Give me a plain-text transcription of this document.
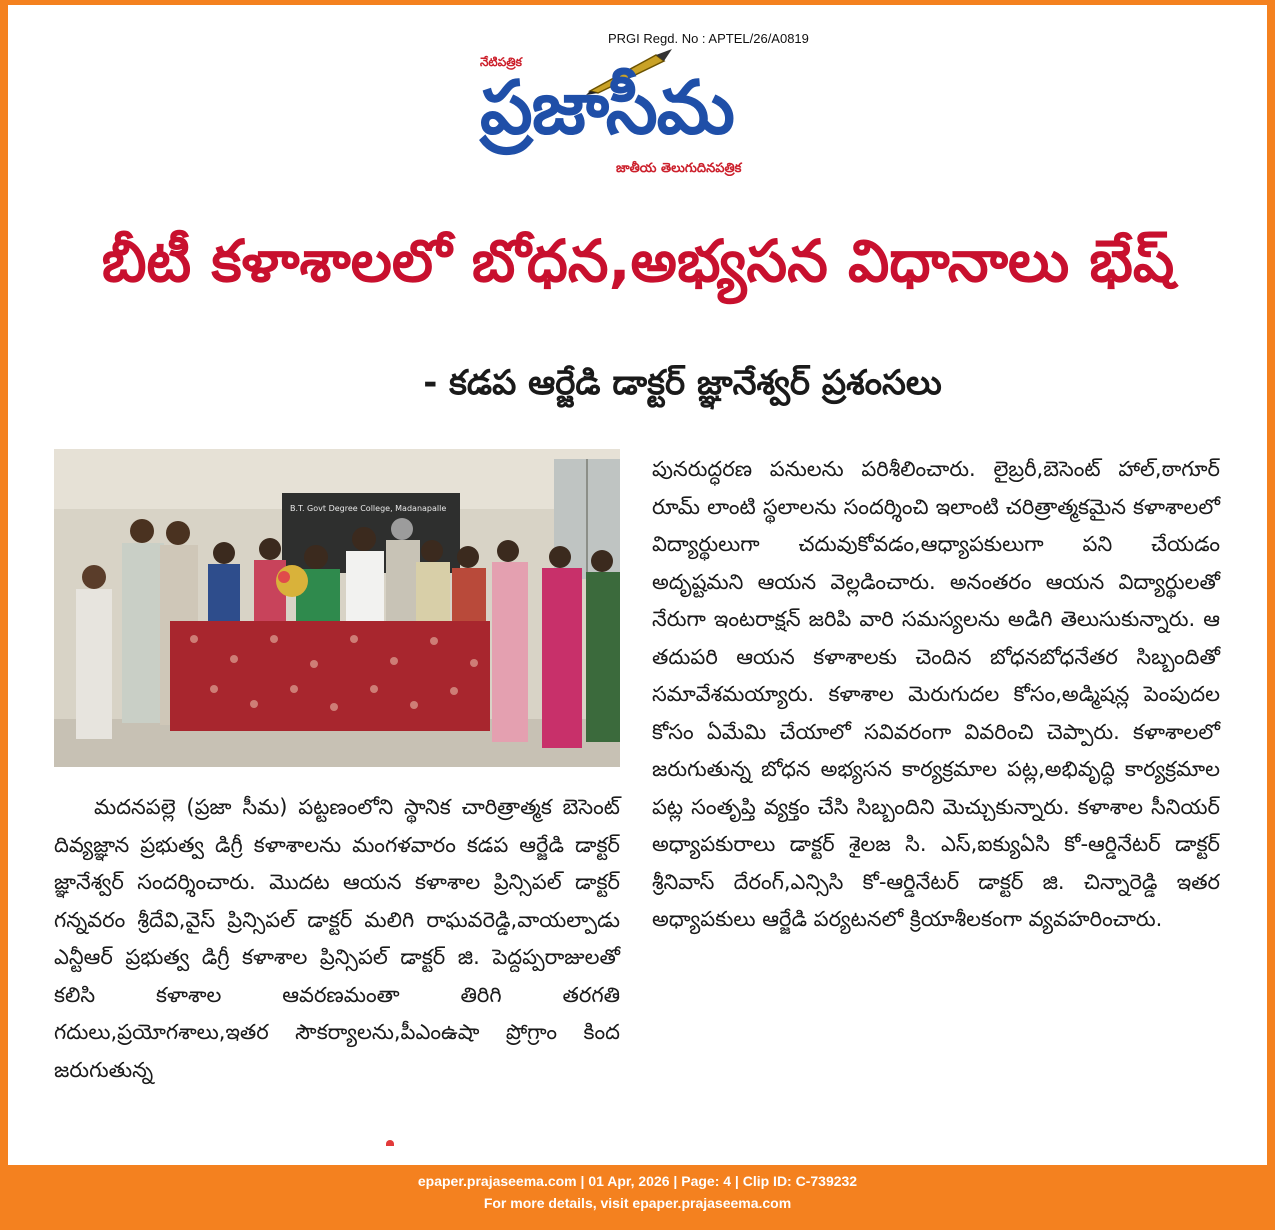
PRGI Regd. No : APTEL/26/A0819
నేటిపత్రిక
ప్రజాసీమ
జాతీయ తెలుగుదినపత్రిక
బీటీ కళాశాలలో బోధన,అభ్యసన విధానాలు భేష్
- కడప ఆర్జేడి డాక్టర్ జ్ఞానేశ్వర్ ప్రశంసలు
B.T. Govt Degree College, Madanapalle
మదనపల్లె (ప్రజా సీమ) పట్టణంలోని స్థానిక చారిత్రాత్మక బెసెంట్ దివ్యజ్ఞాన ప్రభుత్వ డిగ్రీ కళాశాలను మంగళవారం కడప ఆర్జేడి డాక్టర్ జ్ఞానేశ్వర్ సందర్శించారు. మొదట ఆయన కళాశాల ప్రిన్సిపల్ డాక్టర్ గన్నవరం శ్రీదేవి,వైస్ ప్రిన్సిపల్ డాక్టర్ మలిగి రాఘవరెడ్డి,వాయల్పాడు ఎన్టీఆర్ ప్రభుత్వ డిగ్రీ కళాశాల ప్రిన్సిపల్ డాక్టర్ జి. పెద్దప్పరాజులతో కలిసి కళాశాల ఆవరణమంతా తిరిగి తరగతి గదులు,ప్రయోగశాలు,ఇతర సౌకర్యాలను,పీఎంఉషా ప్రోగ్రాం కింద జరుగుతున్న
పునరుద్ధరణ పనులను పరిశీలించారు. లైబ్రరీ,బెసెంట్ హాల్,ఠాగూర్ రూమ్ లాంటి స్థలాలను సందర్శించి ఇలాంటి చరిత్రాత్మకమైన కళాశాలలో విద్యార్థులుగా చదువుకోవడం,ఆధ్యాపకులుగా పని చేయడం అదృష్టమని ఆయన వెల్లడించారు. అనంతరం ఆయన విద్యార్థులతో నేరుగా ఇంటరాక్షన్ జరిపి వారి సమస్యలను అడిగి తెలుసుకున్నారు. ఆ తదుపరి ఆయన కళాశాలకు చెందిన బోధనబోధనేతర సిబ్బందితో సమావేశమయ్యారు. కళాశాల మెరుగుదల కోసం,అడ్మిషన్ల పెంపుదల కోసం ఏమేమి చేయాలో సవివరంగా వివరించి చెప్పారు. కళాశాలలో జరుగుతున్న బోధన అభ్యసన కార్యక్రమాల పట్ల,అభివృద్ధి కార్యక్రమాల పట్ల సంతృప్తి వ్యక్తం చేసి సిబ్బందిని మెచ్చుకున్నారు. కళాశాల సీనియర్ అధ్యాపకురాలు డాక్టర్ శైలజ సి. ఎస్,ఐక్యుఏసి కో-ఆర్డినేటర్ డాక్టర్ శ్రీనివాస్ దేరంగ్,ఎన్సిసి కో-ఆర్డినేటర్ డాక్టర్ జి. చిన్నారెడ్డి ఇతర అధ్యాపకులు ఆర్జేడి పర్యటనలో క్రియాశీలకంగా వ్యవహరించారు.
epaper.prajaseema.com | 01 Apr, 2026 | Page: 4 | Clip ID: C-739232
For more details, visit epaper.prajaseema.com
